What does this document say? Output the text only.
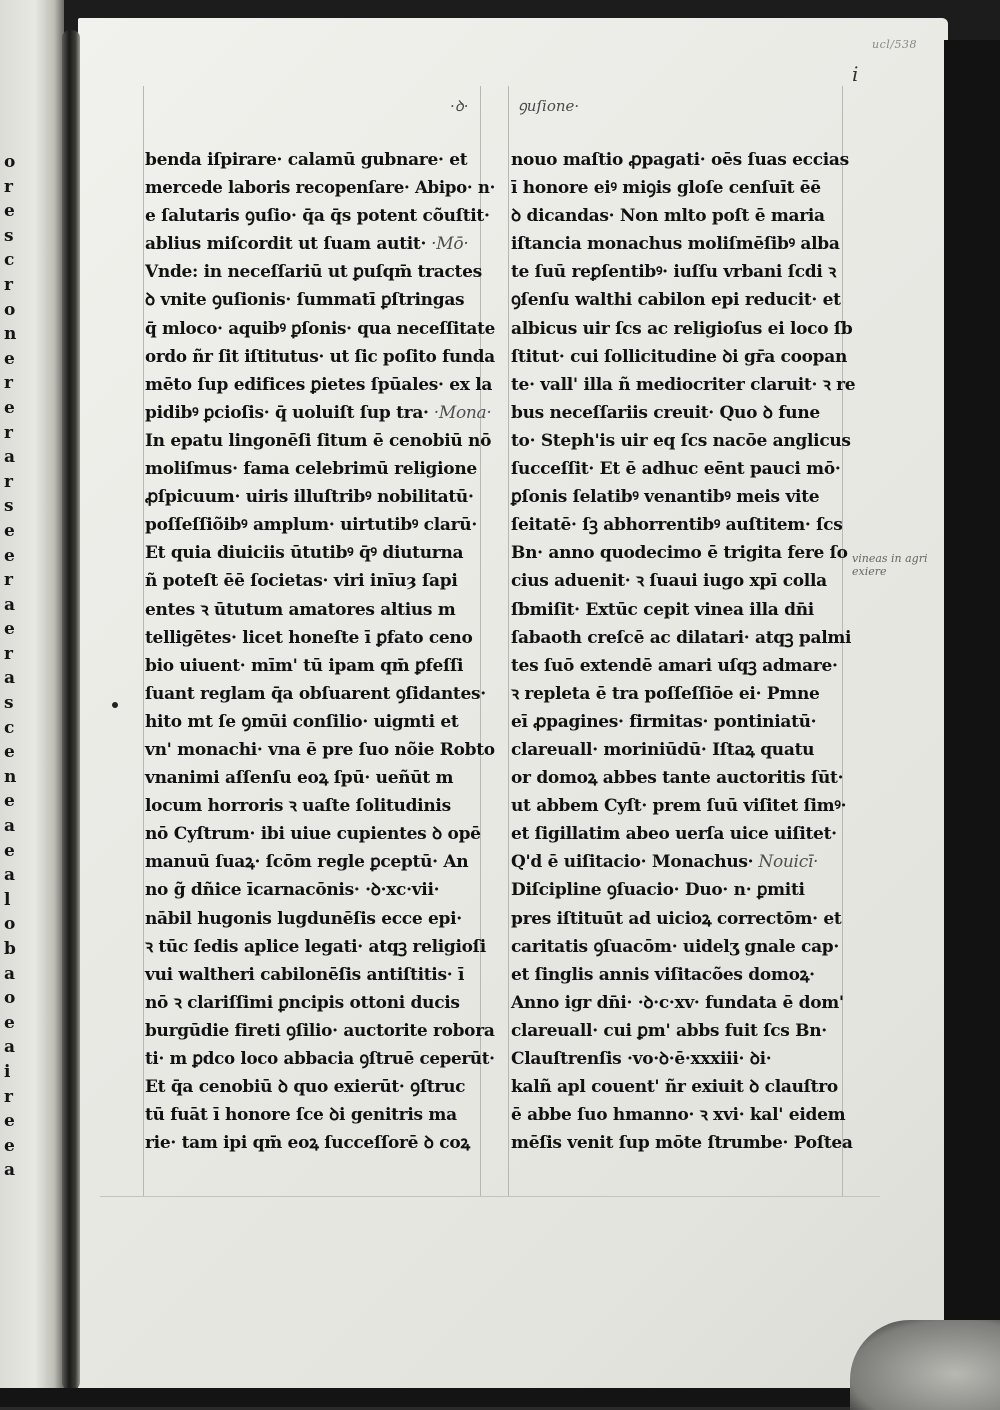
o
r
e
s
c
r
o
n
e
r
e
r
a
r
s
e
e
r
a
e
r
a
s
c
e
n
e
a
e
a
l
o
b
a
o
e
a
i
r
e
e
a
ucl/538
i
·ꝺ·	ꝯuſione·
benda iſpirare· calamū gubnare· et
mercede laboris recopenſare· Abipo· n·
e ſalutaris ꝯuſio· q̄a q̄s potent cõuſtit·
ablius miſcordit ut ſuam autit· ·Mō·
Vnde: in neceſſariū ut ꝑuſqm̄ tractes
ꝺ vnite ꝯuſionis· ſummatī ꝑſtringas
q̄ mloco· aquibꝰ ꝑſonis· qua neceſſitate
ordo ñr ſit iſtitutus· ut ſic poſito funda
mēto ſup edifices ꝑietes ſpūales· ex la
pidibꝰ ꝑcioſis· q̄ uoluiſt ſup tra· ·Mona·
In epatu lingonēſi ſitum ē cenobiū nō
moliſmus· fama celebrimū religione
ꝓſpicuum· uiris illuſtribꝰ nobilitatū·
poſſeſſiõibꝰ amplum· uirtutibꝰ clarū·
Et quia diuiciis ūtutibꝰ q̄ꝰ diuturna
ñ poteſt ēē ſocietas· viri inīuȝ ſapi
entes ꝛ ūtutum amatores altius m
telligētes· licet honeſte ī ꝑfato ceno
bio uiuent· mīm' tū ipam qm̄ ꝑfeſſi
ſuant reglam q̄a obſuarent ꝯſidantes·
hito mt ſe ꝯmūi conſilio· uigmti et
vn' monachi· vna ē pre ſuo nõie Robto
vnanimi aſſenſu eoꝝ ſpū· ueñūt m
locum horroris ꝛ uaſte ſolitudinis
nō Cyſtrum· ibi uiue cupientes ꝺ opē
manuū ſuaꝝ· ſcōm regle ꝑceptū· An
no g̃ dñice īcarnacōnis· ·ꝺ·xc·vii·
nābil hugonis lugdunēſis ecce epi·
ꝛ tūc ſedis aplice legati· atqꝫ religioſi
vui waltheri cabilonēſis antiſtitis· ī
nō ꝛ clariſſimi ꝑncipis ottoni ducis
burgūdie fireti ꝯſilio· auctorite robora
ti· m ꝑdco loco abbacia ꝯſtruē ceperūt·
Et q̄a cenobiū ꝺ quo exierūt· ꝯſtruc
tū fuāt ī honore ſce ꝺi genitris ma
rie· tam ipi qm̄ eoꝝ ſucceſſorē ꝺ coꝝ
nouo maſtio ꝓpagati· oēs ſuas eccias
ī honore eiꝰ miꝯis gloſe cenſuīt ēē
ꝺ dicandas· Non mlto poſt ē maria
iſtancia monachus moliſmēſibꝰ alba
te ſuū reꝑſentibꝰ· iuſſu vrbani ſcdi ꝛ
ꝯſenſu walthi cabilon epi reducit· et
albicus uir ſcs ac religioſus ei loco ſb
ſtitut· cui ſollicitudine ꝺi gr̄a coopan
te· vall' illa ñ mediocriter claruit· ꝛ re
bus neceſſariis creuit· Quo ꝺ fune
to· Steph'is uir eq ſcs nacōe anglicus
ſucceſſit· Et ē adhuc eēnt pauci mō·
ꝑſonis ſelatibꝰ venantibꝰ meis vite
ſeitatē· ſꝫ abhorrentibꝰ auſtitem· ſcs
Bn· anno quodecimo ē trigita fere ſo
cius aduenit· ꝛ ſuaui iugo xpī colla
ſbmiſit· Extūc cepit vinea illa dn̄i
ſabaoth creſcē ac dilatari· atqꝫ palmi
tes ſuō extendē amari uſqꝫ admare·
ꝛ repleta ē tra poſſeſſiōe ei· Pmne
eī ꝓpagines· firmitas· pontiniatū·
clareuall· moriniūdū· Iſtaꝝ quatu
or domoꝝ abbes tante auctoritis ſūt·
ut abbem Cyſt· prem ſuū viſitet ſimꝰ·
et ſigillatim abeo uerſa uice uiſitet·
Q'd ē uiſitacio· Monachus· Nouicī·
Diſcipline ꝯſuacio· Duo· n· ꝑmiti
pres iſtituūt ad uicioꝝ correctōm· et
caritatis ꝯſuacōm· uidelʒ gnale cap·
et ſinglis annis viſitacões domoꝝ·
Anno igr dn̄i· ·ꝺ·c·xv· fundata ē dom'
clareuall· cui ꝑm' abbs fuit ſcs Bn·
Clauſtrenſis ·vo·ꝺ·ē·xxxiii· ꝺi·
kalñ apl couent' ñr exiuit ꝺ clauſtro
ē abbe ſuo hmanno· ꝛ xvi· kal' eidem
mēſis venit ſup mōte ſtrumbe· Poſtea
vineas in agri exiere
